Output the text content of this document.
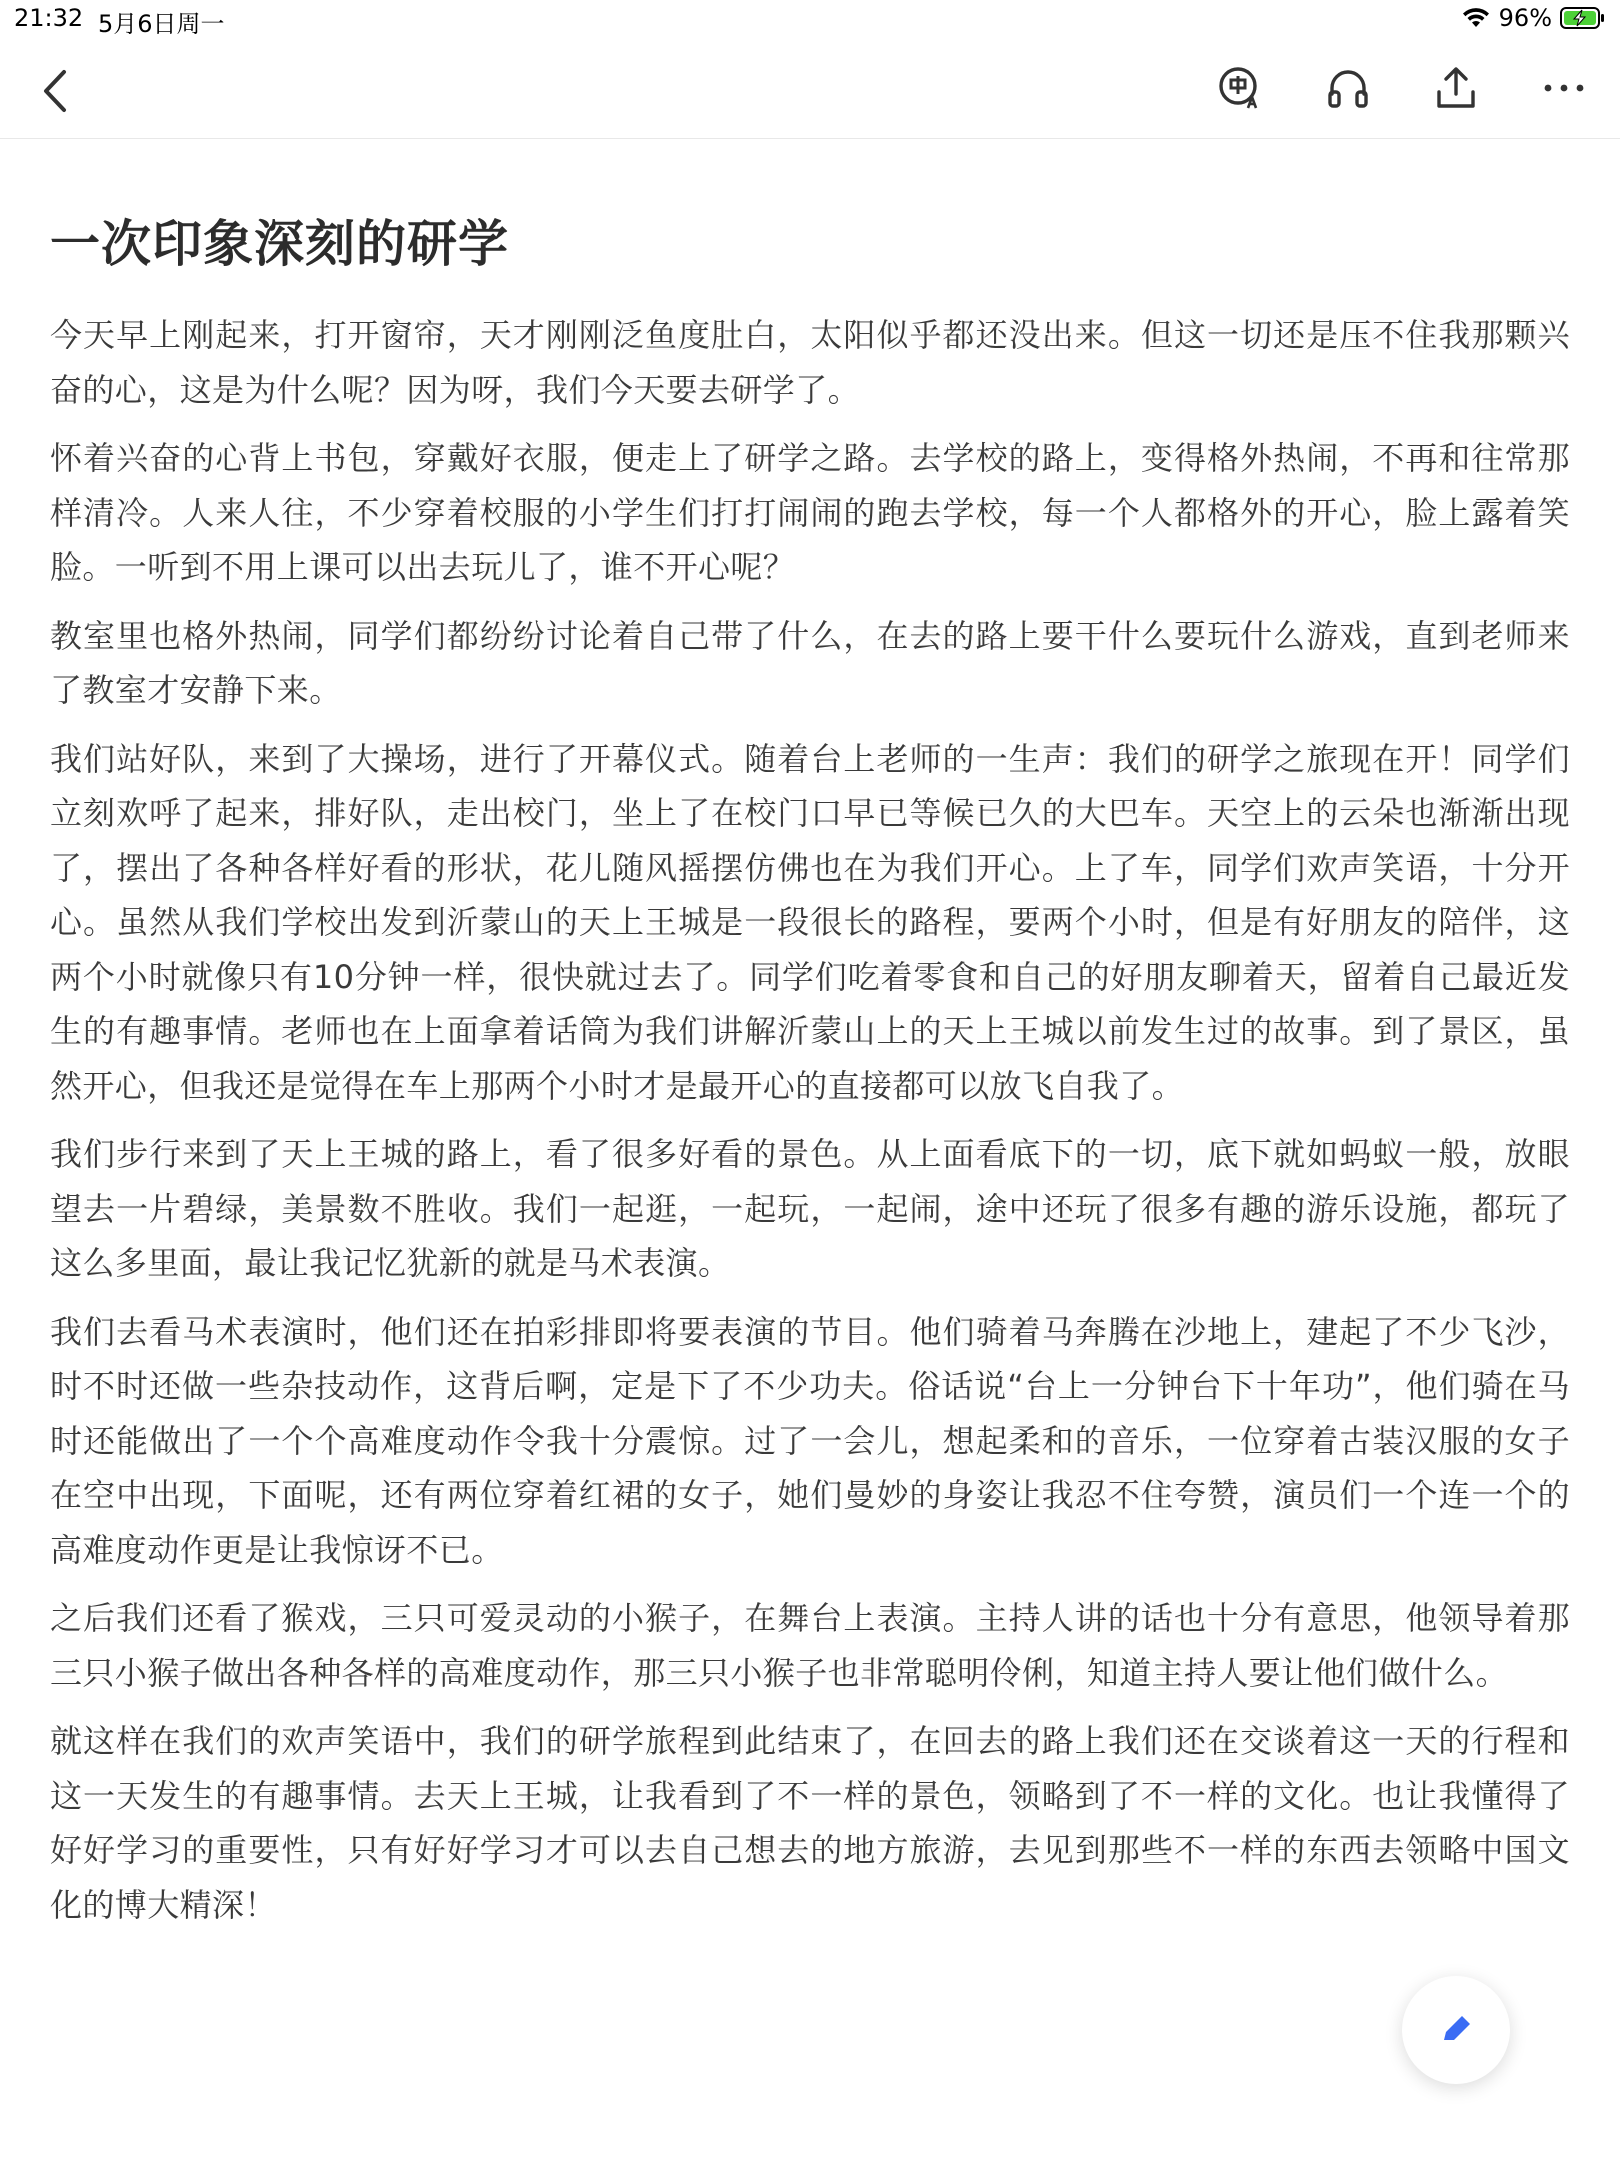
21:32 5月6日周一	96%
一次印象深刻的研学

今天早上刚起来，打开窗帘，天才刚刚泛鱼度肚白，太阳似乎都还没出来。但这一切还是压不住我那颗兴奋的心，这是为什么呢？因为呀，我们今天要去研学了。

怀着兴奋的心背上书包，穿戴好衣服，便走上了研学之路。去学校的路上，变得格外热闹，不再和往常那样清冷。人来人往，不少穿着校服的小学生们打打闹闹的跑去学校，每一个人都格外的开心，脸上露着笑脸。一听到不用上课可以出去玩儿了，谁不开心呢？

教室里也格外热闹，同学们都纷纷讨论着自己带了什么，在去的路上要干什么要玩什么游戏，直到老师来了教室才安静下来。

我们站好队，来到了大操场，进行了开幕仪式。随着台上老师的一生声：我们的研学之旅现在开！同学们立刻欢呼了起来，排好队，走出校门，坐上了在校门口早已等候已久的大巴车。天空上的云朵也渐渐出现了，摆出了各种各样好看的形状，花儿随风摇摆仿佛也在为我们开心。上了车，同学们欢声笑语，十分开心。虽然从我们学校出发到沂蒙山的天上王城是一段很长的路程，要两个小时，但是有好朋友的陪伴，这两个小时就像只有10分钟一样，很快就过去了。同学们吃着零食和自己的好朋友聊着天，留着自己最近发生的有趣事情。老师也在上面拿着话筒为我们讲解沂蒙山上的天上王城以前发生过的故事。到了景区，虽然开心，但我还是觉得在车上那两个小时才是最开心的直接都可以放飞自我了。

我们步行来到了天上王城的路上，看了很多好看的景色。从上面看底下的一切，底下就如蚂蚁一般，放眼望去一片碧绿，美景数不胜收。我们一起逛，一起玩，一起闹，途中还玩了很多有趣的游乐设施，都玩了这么多里面，最让我记忆犹新的就是马术表演。

我们去看马术表演时，他们还在拍彩排即将要表演的节目。他们骑着马奔腾在沙地上，建起了不少飞沙，时不时还做一些杂技动作，这背后啊，定是下了不少功夫。俗话说“台上一分钟台下十年功”，他们骑在马时还能做出了一个个高难度动作令我十分震惊。过了一会儿，想起柔和的音乐，一位穿着古装汉服的女子在空中出现，下面呢，还有两位穿着红裙的女子，她们曼妙的身姿让我忍不住夸赞，演员们一个连一个的高难度动作更是让我惊讶不已。

之后我们还看了猴戏，三只可爱灵动的小猴子，在舞台上表演。主持人讲的话也十分有意思，他领导着那三只小猴子做出各种各样的高难度动作，那三只小猴子也非常聪明伶俐，知道主持人要让他们做什么。

就这样在我们的欢声笑语中，我们的研学旅程到此结束了，在回去的路上我们还在交谈着这一天的行程和这一天发生的有趣事情。去天上王城，让我看到了不一样的景色，领略到了不一样的文化。也让我懂得了好好学习的重要性，只有好好学习才可以去自己想去的地方旅游，去见到那些不一样的东西去领略中国文化的博大精深！
